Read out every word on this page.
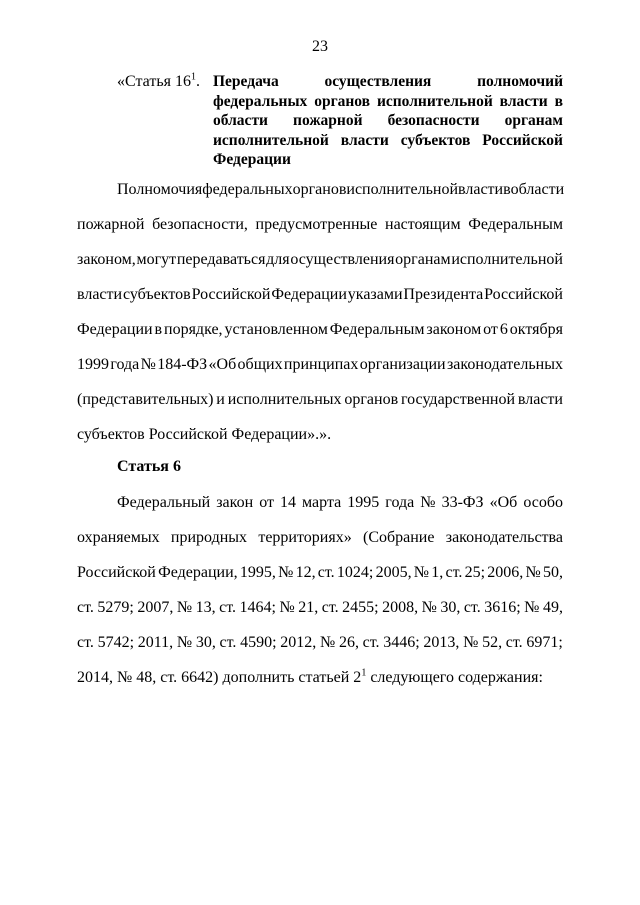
23
«Статья $16^1$. Передача осуществления полномочий федеральных органов исполнительной власти в области пожарной безопасности органам исполнительной власти субъектов Российской Федерации
Полномочия федеральных органов исполнительной власти в области
пожарной безопасности, предусмотренные настоящим Федеральным
законом, могут передаваться для осуществления органам исполнительной
власти субъектов Российской Федерации указами Президента Российской
Федерации в порядке, установленном Федеральным законом от 6 октября
1999 года № 184-ФЗ «Об общих принципах организации законодательных
(представительных) и исполнительных органов государственной власти
субъектов Российской Федерации».».
Статья 6
Федеральный закон от 14 марта 1995 года № 33-ФЗ «Об особо
охраняемых природных территориях» (Собрание законодательства
Российской Федерации, 1995, № 12, ст. 1024; 2005, № 1, ст. 25; 2006, № 50,
ст. 5279; 2007, № 13, ст. 1464; № 21, ст. 2455; 2008, № 30, ст. 3616; № 49,
ст. 5742; 2011, № 30, ст. 4590; 2012, № 26, ст. 3446; 2013, № 52, ст. 6971;
2014, № 48, ст. 6642) дополнить статьей $2^1$ следующего содержания:
